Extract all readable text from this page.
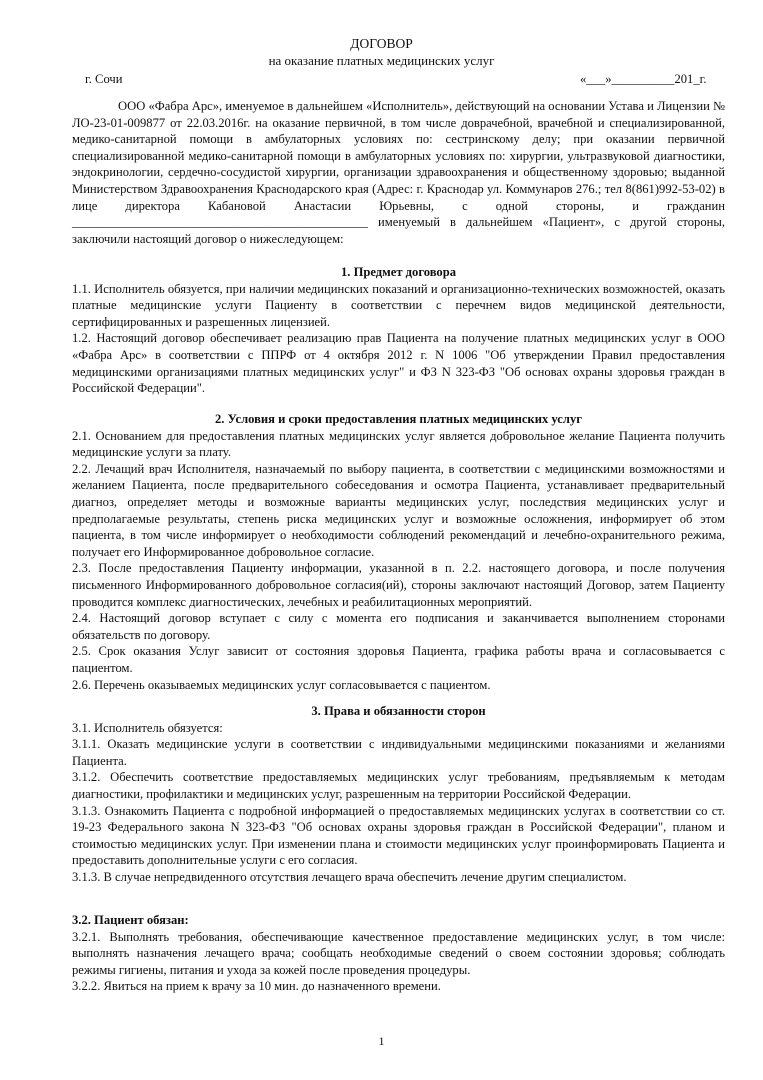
ДОГОВОР
на оказание платных медицинских услуг
г. Сочи	«___»__________201_г.

ООО «Фабра Арс», именуемое в дальнейшем «Исполнитель», действующий на основании Устава и Лицензии № ЛО-23-01-009877 от 22.03.2016г. на оказание первичной, в том числе доврачебной, врачебной и специализированной, медико-санитарной помощи в амбулаторных условиях по: сестринскому делу; при оказании первичной специализированной медико-санитарной помощи в амбулаторных условиях по: хирургии, ультразвуковой диагностики, эндокринологии, сердечно-сосудистой хирургии, организации здравоохранения и общественному здоровью; выданной Министерством Здравоохранения Краснодарского края (Адрес: г. Краснодар ул. Коммунаров 276.; тел 8(861)992-53-02) в лице директора Кабановой Анастасии Юрьевны, с одной стороны, и гражданин _______________________________________________ именуемый в дальнейшем «Пациент», с другой стороны, заключили настоящий договор о нижеследующем:

1. Предмет договора

1.1. Исполнитель обязуется, при наличии медицинских показаний и организационно-технических возможностей, оказать платные медицинские услуги Пациенту в соответствии с перечнем видов медицинской деятельности, сертифицированных и разрешенных лицензией.

1.2. Настоящий договор обеспечивает реализацию прав Пациента на получение платных медицинских услуг в ООО «Фабра Арс» в соответствии с ППРФ от 4 октября 2012 г. N 1006 "Об утверждении Правил предоставления медицинскими организациями платных медицинских услуг" и ФЗ N 323-ФЗ "Об основах охраны здоровья граждан в Российской Федерации".

2. Условия и сроки предоставления платных медицинских услуг

2.1. Основанием для предоставления платных медицинских услуг является добровольное желание Пациента получить медицинские услуги за плату.

2.2. Лечащий врач Исполнителя, назначаемый по выбору пациента, в соответствии с медицинскими возможностями и желанием Пациента, после предварительного собеседования и осмотра Пациента, устанавливает предварительный диагноз, определяет методы и возможные варианты медицинских услуг, последствия медицинских услуг и предполагаемые результаты, степень риска медицинских услуг и возможные осложнения, информирует об этом пациента, в том числе информирует о необходимости соблюдений рекомендаций и лечебно-охранительного режима, получает его Информированное добровольное согласие.

2.3. После предоставления Пациенту информации, указанной в п. 2.2. настоящего договора, и после получения письменного Информированного добровольное согласия(ий), стороны заключают настоящий Договор, затем Пациенту проводится комплекс диагностических, лечебных и реабилитационных мероприятий.

2.4. Настоящий договор вступает с силу с момента его подписания и заканчивается выполнением сторонами обязательств по договору.

2.5. Срок оказания Услуг зависит от состояния здоровья Пациента, графика работы врача и согласовывается с пациентом.

2.6. Перечень оказываемых медицинских услуг согласовывается с пациентом.

3. Права и обязанности сторон

3.1. Исполнитель обязуется:

3.1.1. Оказать медицинские услуги в соответствии с индивидуальными медицинскими показаниями и желаниями Пациента.

3.1.2. Обеспечить соответствие предоставляемых медицинских услуг требованиям, предъявляемым к методам диагностики, профилактики и медицинских услуг, разрешенным на территории Российской Федерации.

3.1.3. Ознакомить Пациента с подробной информацией о предоставляемых медицинских услугах в соответствии со ст. 19-23 Федерального закона N 323-ФЗ "Об основах охраны здоровья граждан в Российской Федерации", планом и стоимостью медицинских услуг. При изменении плана и стоимости медицинских услуг проинформировать Пациента и предоставить дополнительные услуги с его согласия.

3.1.3. В случае непредвиденного отсутствия лечащего врача обеспечить лечение другим специалистом.

3.2. Пациент обязан:

3.2.1. Выполнять требования, обеспечивающие качественное предоставление медицинских услуг, в том числе: выполнять назначения лечащего врача; сообщать необходимые сведений о своем состоянии здоровья; соблюдать режимы гигиены, питания и ухода за кожей после проведения процедуры.

3.2.2. Явиться на прием к врачу за 10 мин. до назначенного времени.

1
